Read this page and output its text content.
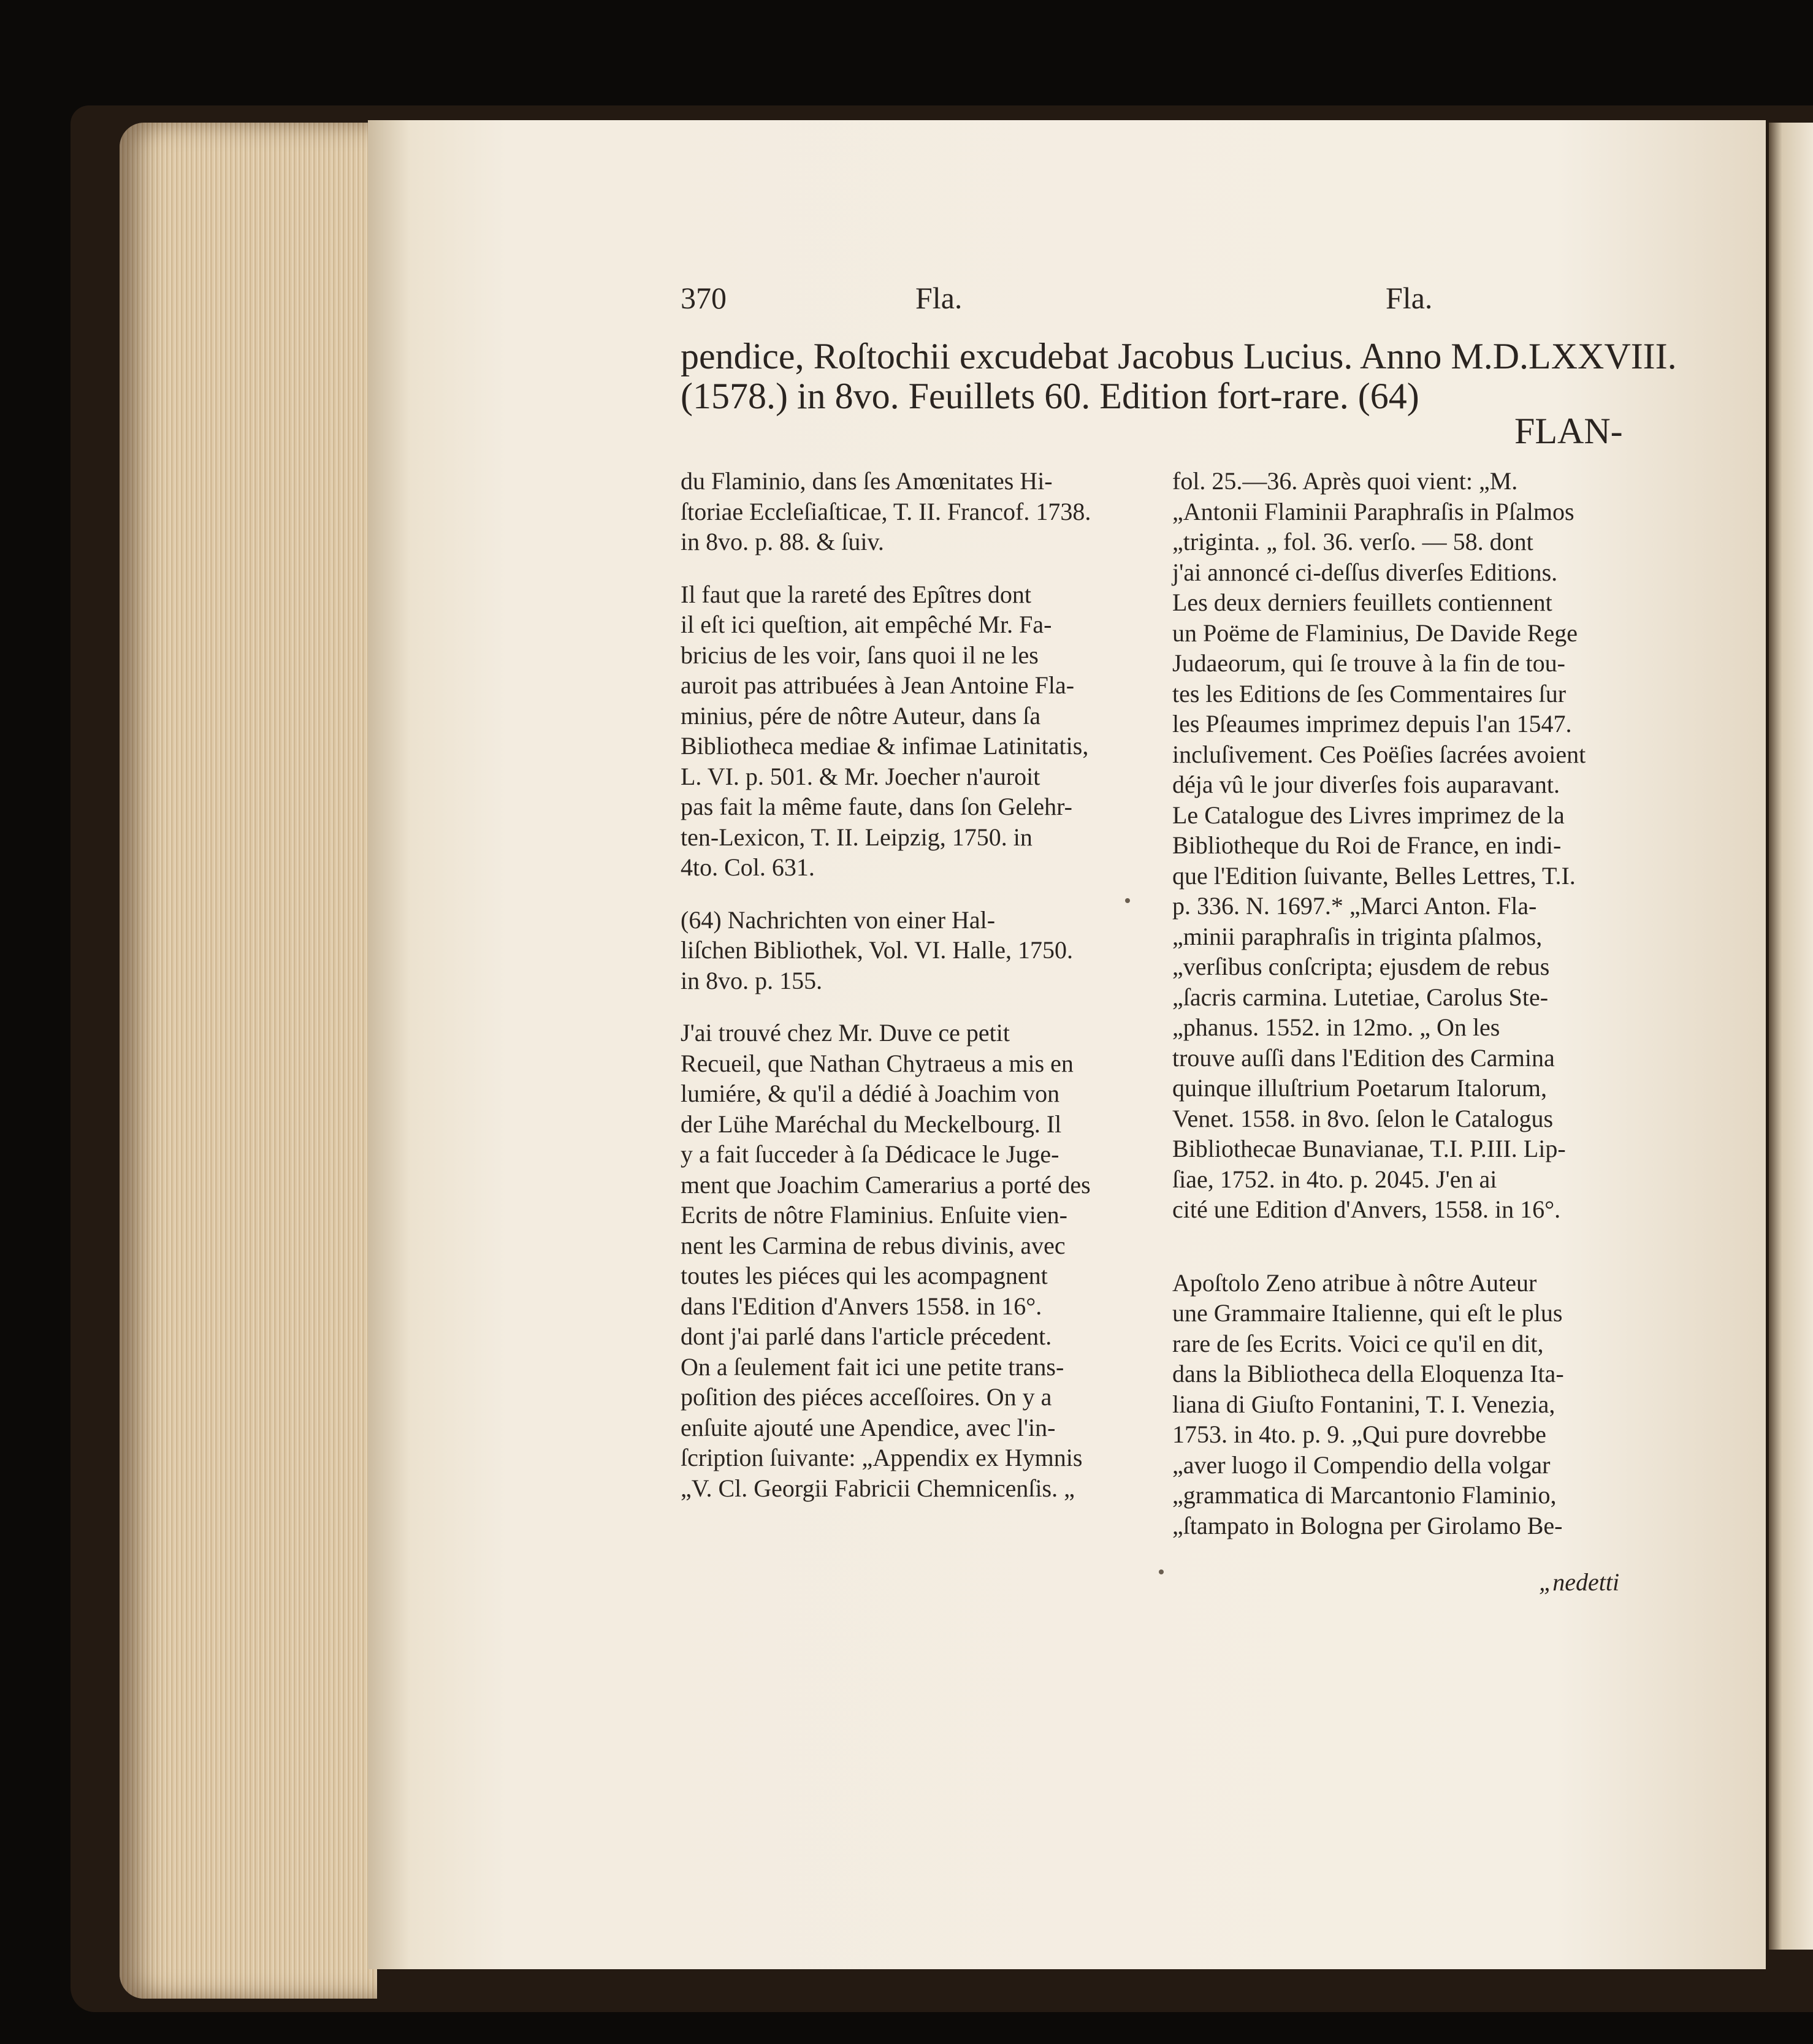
370	Fla.	Fla.
pendice, Roſtochii excudebat Jacobus Lucius. Anno M.D.LXXVIII.
(1578.) in 8vo. Feuillets 60. Edition fort-rare. (64)
FLAN-
du Flaminio, dans ſes Amœnitates Hi-
ſtoriae Eccleſiaſticae, T. II. Francof. 1738.
in 8vo. p. 88. & ſuiv.
Il faut que la rareté des Epîtres dont
il eſt ici queſtion, ait empêché Mr. Fa-
bricius de les voir, ſans quoi il ne les
auroit pas attribuées à Jean Antoine Fla-
minius, pére de nôtre Auteur, dans ſa
Bibliotheca mediae & infimae Latinitatis,
L. VI. p. 501. & Mr. Joecher n'auroit
pas fait la même faute, dans ſon Gelehr-
ten-Lexicon, T. II. Leipzig, 1750. in
4to. Col. 631.
(64) Nachrichten von einer Hal-
liſchen Bibliothek, Vol. VI. Halle, 1750.
in 8vo. p. 155.
J'ai trouvé chez Mr. Duve ce petit
Recueil, que Nathan Chytraeus a mis en
lumiére, & qu'il a dédié à Joachim von
der Lühe Maréchal du Meckelbourg. Il
y a fait ſucceder à ſa Dédicace le Juge-
ment que Joachim Camerarius a porté des
Ecrits de nôtre Flaminius. Enſuite vien-
nent les Carmina de rebus divinis, avec
toutes les piéces qui les acompagnent
dans l'Edition d'Anvers 1558. in 16°.
dont j'ai parlé dans l'article précedent.
On a ſeulement fait ici une petite trans-
poſition des piéces acceſſoires. On y a
enſuite ajouté une Apendice, avec l'in-
ſcription ſuivante: „Appendix ex Hymnis
„V. Cl. Georgii Fabricii Chemnicenſis. „
fol. 25.—36. Après quoi vient: „M.
„Antonii Flaminii Paraphraſis in Pſalmos
„triginta. „ fol. 36. verſo. — 58. dont
j'ai annoncé ci-deſſus diverſes Editions.
Les deux derniers feuillets contiennent
un Poëme de Flaminius, De Davide Rege
Judaeorum, qui ſe trouve à la fin de tou-
tes les Editions de ſes Commentaires ſur
les Pſeaumes imprimez depuis l'an 1547.
incluſivement. Ces Poëſies ſacrées avoient
déja vû le jour diverſes fois auparavant.
Le Catalogue des Livres imprimez de la
Bibliotheque du Roi de France, en indi-
que l'Edition ſuivante, Belles Lettres, T.I.
p. 336. N. 1697.* „Marci Anton. Fla-
„minii paraphraſis in triginta pſalmos,
„verſibus conſcripta; ejusdem de rebus
„ſacris carmina. Lutetiae, Carolus Ste-
„phanus. 1552. in 12mo. „ On les
trouve auſſi dans l'Edition des Carmina
quinque illuſtrium Poetarum Italorum,
Venet. 1558. in 8vo. ſelon le Catalogus
Bibliothecae Bunavianae, T.I. P.III. Lip-
ſiae, 1752. in 4to. p. 2045. J'en ai
cité une Edition d'Anvers, 1558. in 16°.
Apoſtolo Zeno atribue à nôtre Auteur
une Grammaire Italienne, qui eſt le plus
rare de ſes Ecrits. Voici ce qu'il en dit,
dans la Bibliotheca della Eloquenza Ita-
liana di Giuſto Fontanini, T. I. Venezia,
1753. in 4to. p. 9. „Qui pure dovrebbe
„aver luogo il Compendio della volgar
„grammatica di Marcantonio Flaminio,
„ſtampato in Bologna per Girolamo Be-
„nedetti
